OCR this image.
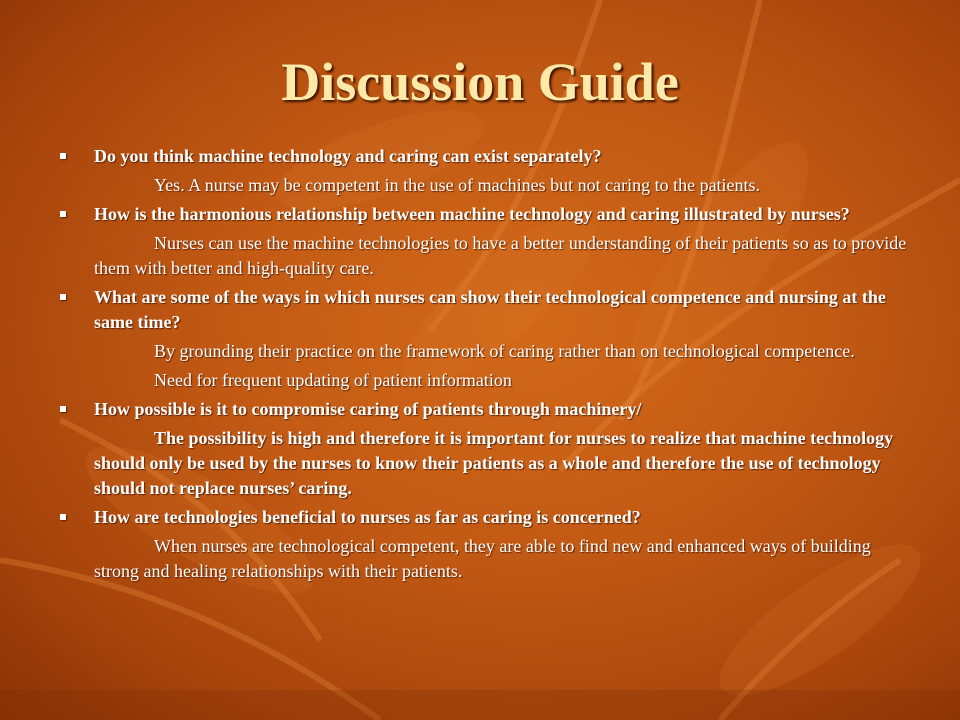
Discussion Guide

Do you think machine technology and caring can exist separately?

Yes. A nurse may be competent in the use of machines but not caring to the patients.

How is the harmonious relationship between machine technology and caring illustrated by nurses?

Nurses can use the machine technologies to have a better understanding of their patients so as to provide them with better and high-quality care.

What are some of the ways in which nurses can show their technological competence and nursing at the same time?

By grounding their practice on the framework of caring rather than on technological competence.

Need for frequent updating of patient information

How possible is it to compromise caring of patients through machinery/

The possibility is high and therefore it is important for nurses to realize that machine technology should only be used by the nurses to know their patients as a whole and therefore the use of technology should not replace nurses’ caring.

How are technologies beneficial to nurses as far as caring is concerned?

When nurses are technological competent, they are able to find new and enhanced ways of building strong and healing relationships with their patients.
